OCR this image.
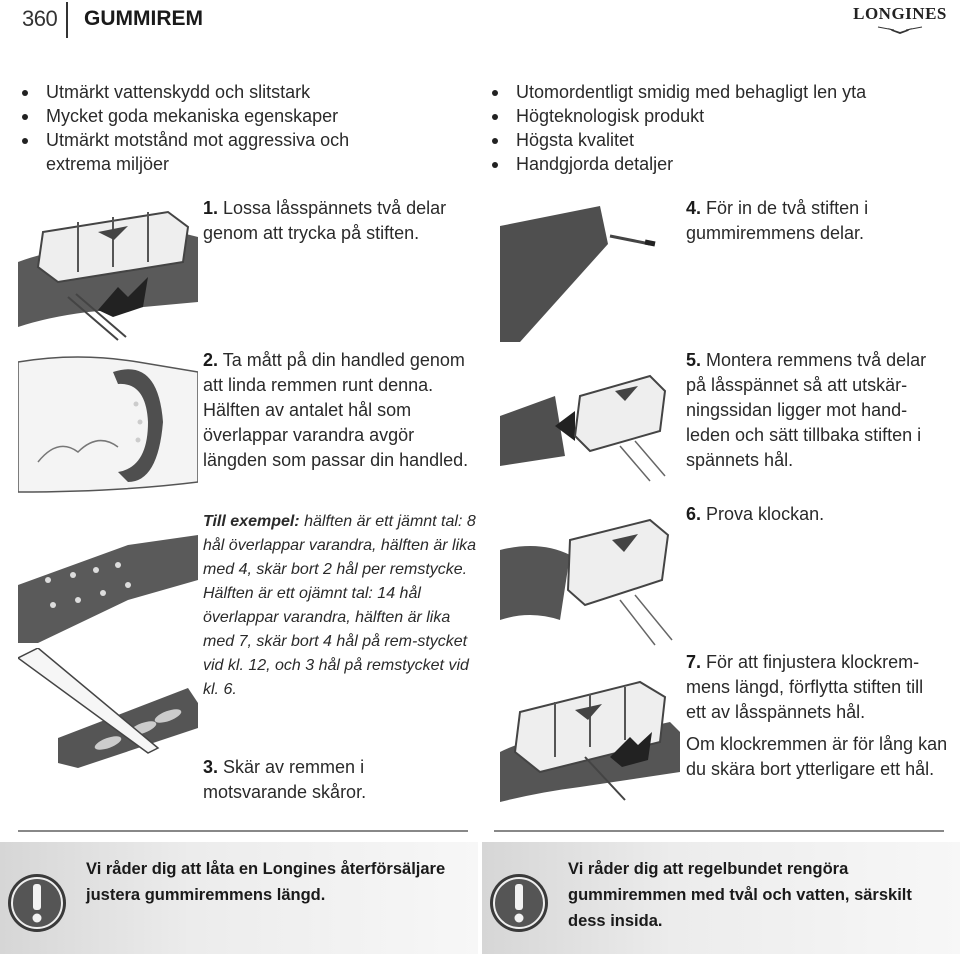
360 GUMMIREM	LONGINES
Utmärkt vattenskydd och slitstark
Mycket goda mekaniska egenskaper
Utmärkt motstånd mot aggressiva och extrema miljöer
Utomordentligt smidig med behagligt len yta
Högteknologisk produkt
Högsta kvalitet
Handgjorda detaljer
1. Lossa låsspännets två delar genom att trycka på stiften.
2. Ta mått på din handled genom att linda remmen runt denna. Hälften av antalet hål som överlappar varandra avgör längden som passar din handled.
Till exempel: hälften är ett jämnt tal: 8 hål överlappar varandra, hälften är lika med 4, skär bort 2 hål per remstycke.
Hälften är ett ojämnt tal: 14 hål överlappar varandra, hälften är lika med 7, skär bort 4 hål på rem-stycket vid kl. 12, och 3 hål på remstycket vid kl. 6.
3. Skär av remmen i motsvarande skåror.
4. För in de två stiften i gummiremmens delar.
5. Montera remmens två delar på låsspännet så att utskär-ningssidan ligger mot hand-leden och sätt tillbaka stiften i spännets hål.
6. Prova klockan.
7. För att finjustera klockrem-mens längd, förflytta stiften till ett av låsspännets hål.
Om klockremmen är för lång kan du skära bort ytterligare ett hål.
Vi råder dig att låta en Longines återförsäljare justera gummiremmens längd.
Vi råder dig att regelbundet rengöra gummiremmen med tvål och vatten, särskilt dess insida.
